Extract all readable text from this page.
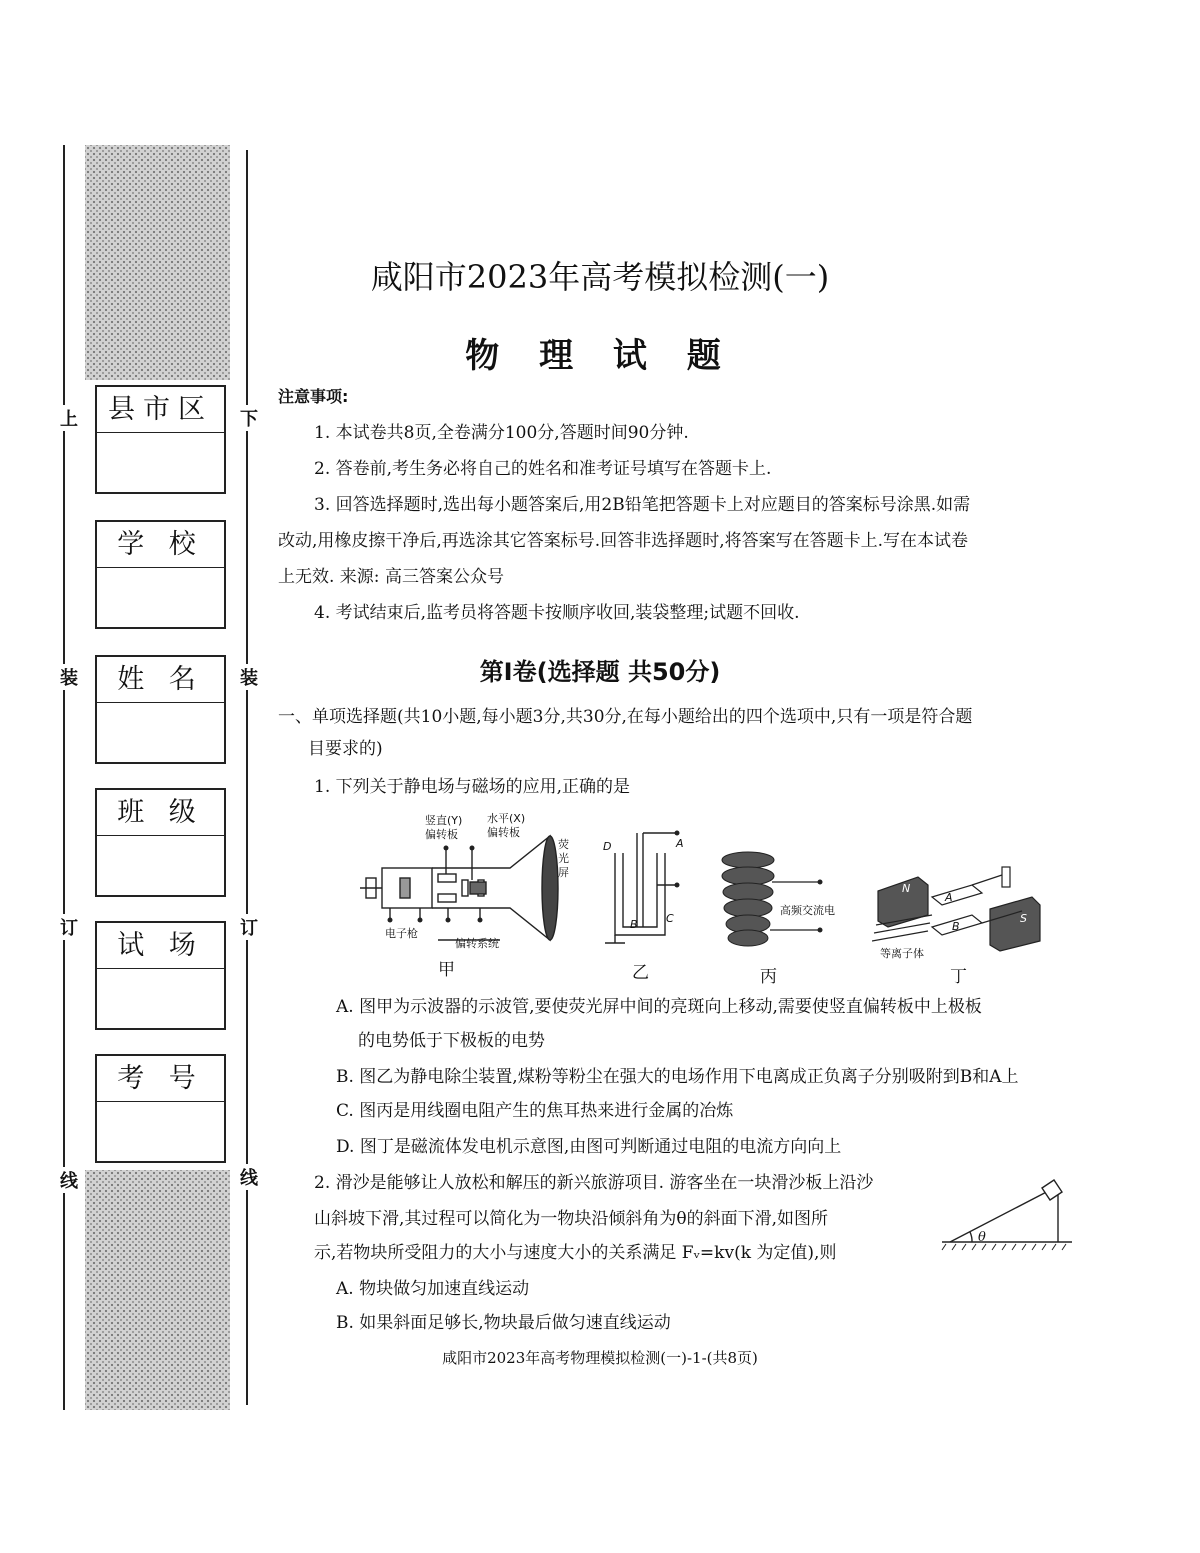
上
装
订
线
下
装
订
线
县市区
学 校
姓 名
班 级
试 场
考 号
咸阳市2023年高考模拟检测(一)
物 理 试 题
注意事项:
1. 本试卷共8页,全卷满分100分,答题时间90分钟.
2. 答卷前,考生务必将自己的姓名和准考证号填写在答题卡上.
3. 回答选择题时,选出每小题答案后,用2B铅笔把答题卡上对应题目的答案标号涂黑.如需
改动,用橡皮擦干净后,再选涂其它答案标号.回答非选择题时,将答案写在答题卡上.写在本试卷
上无效. 来源: 高三答案公众号
4. 考试结束后,监考员将答题卡按顺序收回,装袋整理;试题不回收.
第Ⅰ卷(选择题 共50分)
一、单项选择题(共10小题,每小题3分,共30分,在每小题给出的四个选项中,只有一项是符合题
目要求的)
1. 下列关于静电场与磁场的应用,正确的是
竖直(Y)
偏转板
水平(X)
偏转板
荧光屏
电子枪
偏转系统
甲
D	A
B	C
乙
高频交流电
丙
N
A
B
S
等离子体
丁
A. 图甲为示波器的示波管,要使荧光屏中间的亮斑向上移动,需要使竖直偏转板中上极板
的电势低于下极板的电势
B. 图乙为静电除尘装置,煤粉等粉尘在强大的电场作用下电离成正负离子分别吸附到B和A上
C. 图丙是用线圈电阻产生的焦耳热来进行金属的冶炼
D. 图丁是磁流体发电机示意图,由图可判断通过电阻的电流方向向上
2. 滑沙是能够让人放松和解压的新兴旅游项目. 游客坐在一块滑沙板上沿沙
山斜坡下滑,其过程可以简化为一物块沿倾斜角为θ的斜面下滑,如图所
示,若物块所受阻力的大小与速度大小的关系满足 Fᵥ=kv(k 为定值),则
θ
A. 物块做匀加速直线运动
B. 如果斜面足够长,物块最后做匀速直线运动
咸阳市2023年高考物理模拟检测(一)-1-(共8页)
